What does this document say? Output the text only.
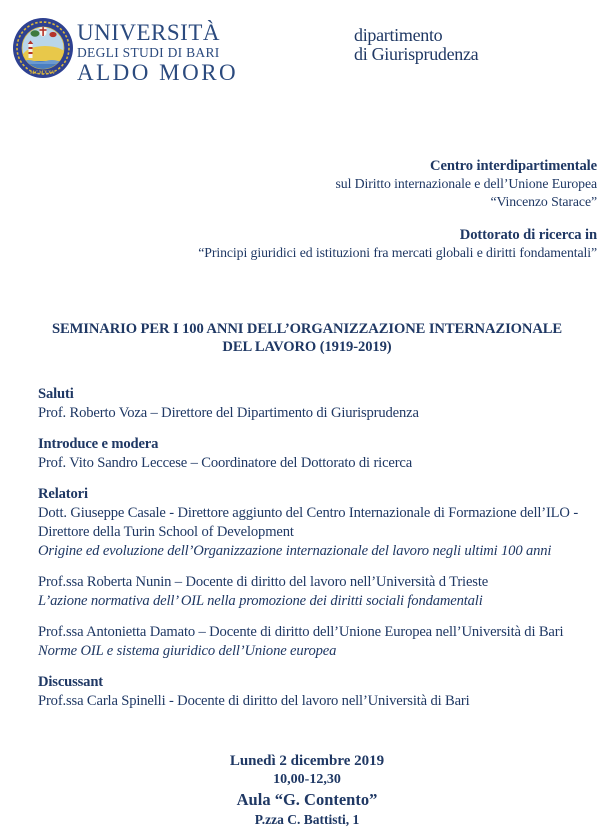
MCMXXV
UNIVERSITÀ
DEGLI STUDI DI BARI
ALDO MORO
dipartimento
di Giurisprudenza
Centro interdipartimentale
sul Diritto internazionale e dell’Unione Europea
“Vincenzo Starace”
Dottorato di ricerca in
“Principi giuridici ed istituzioni fra mercati globali e diritti fondamentali”
SEMINARIO PER I 100 ANNI DELL’ORGANIZZAZIONE INTERNAZIONALE
DEL LAVORO (1919-2019)
Saluti
Prof. Roberto Voza – Direttore del Dipartimento di Giurisprudenza
Introduce e modera
Prof. Vito Sandro Leccese – Coordinatore del Dottorato di ricerca
Relatori
Dott. Giuseppe Casale - Direttore aggiunto del Centro Internazionale di Formazione dell’ILO -
Direttore della Turin School of Development
Origine ed evoluzione dell’Organizzazione internazionale del lavoro negli ultimi 100 anni
Prof.ssa Roberta Nunin – Docente di diritto del lavoro nell’Università d Trieste
L’azione normativa dell’ OIL nella promozione dei diritti sociali fondamentali
Prof.ssa Antonietta Damato – Docente di diritto dell’Unione Europea nell’Università di Bari
Norme OIL e sistema giuridico dell’Unione europea
Discussant
Prof.ssa Carla Spinelli - Docente di diritto del lavoro nell’Università di Bari
Lunedì 2 dicembre 2019
10,00-12,30
Aula “G. Contento”
P.zza C. Battisti, 1
